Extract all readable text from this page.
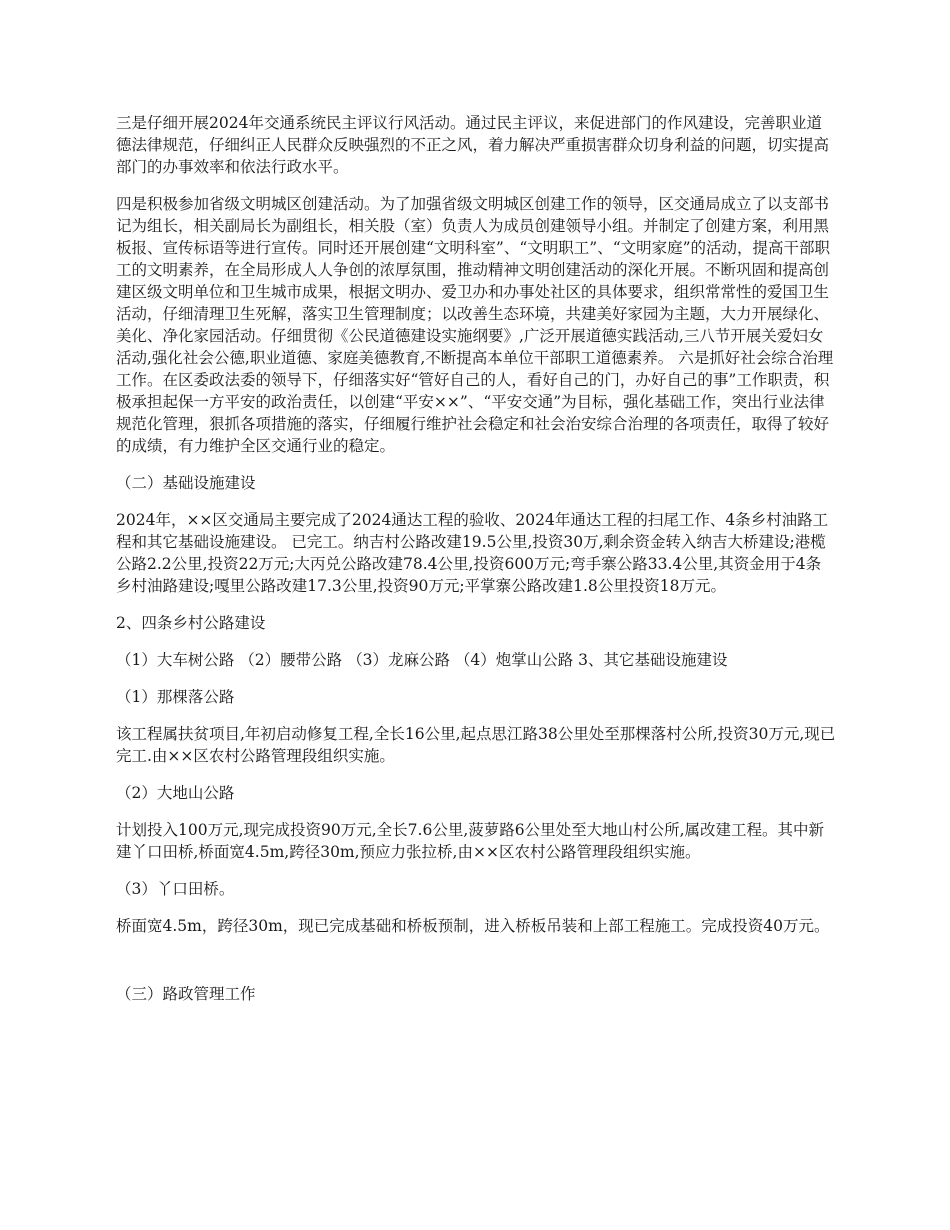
三是仔细开展2024年交通系统民主评议行风活动。通过民主评议，来促进部门的作风建设，完善职业道德法律规范，仔细纠正人民群众反映强烈的不正之风，着力解决严重损害群众切身利益的问题，切实提高部门的办事效率和依法行政水平。

四是积极参加省级文明城区创建活动。为了加强省级文明城区创建工作的领导，区交通局成立了以支部书记为组长，相关副局长为副组长，相关股（室）负责人为成员创建领导小组。并制定了创建方案，利用黑板报、宣传标语等进行宣传。同时还开展创建“文明科室”、“文明职工”、“文明家庭”的活动，提高干部职工的文明素养，在全局形成人人争创的浓厚氛围，推动精神文明创建活动的深化开展。不断巩固和提高创建区级文明单位和卫生城市成果，根据文明办、爱卫办和办事处社区的具体要求，组织常常性的爱国卫生活动，仔细清理卫生死解，落实卫生管理制度；以改善生态环境，共建美好家园为主题，大力开展绿化、美化、净化家园活动。仔细贯彻《公民道德建设实施纲要》,广泛开展道德实践活动,三八节开展关爱妇女活动,强化社会公德,职业道德、家庭美德教育,不断提高本单位干部职工道德素养。 六是抓好社会综合治理工作。在区委政法委的领导下，仔细落实好“管好自己的人，看好自己的门，办好自己的事”工作职责，积极承担起保一方平安的政治责任，以创建“平安××”、“平安交通”为目标，强化基础工作，突出行业法律规范化管理，狠抓各项措施的落实，仔细履行维护社会稳定和社会治安综合治理的各项责任，取得了较好的成绩，有力维护全区交通行业的稳定。

（二）基础设施建设

2024年，××区交通局主要完成了2024通达工程的验收、2024年通达工程的扫尾工作、4条乡村油路工程和其它基础设施建设。 已完工。纳吉村公路改建19.5公里,投资30万,剩余资金转入纳吉大桥建设;港榄公路2.2公里,投资22万元;大丙兑公路改建78.4公里,投资600万元;弯手寨公路33.4公里,其资金用于4条乡村油路建设;嘎里公路改建17.3公里,投资90万元;平掌寨公路改建1.8公里投资18万元。

2、四条乡村公路建设

（1）大车树公路 （2）腰带公路 （3）龙麻公路 （4）炮掌山公路 3、其它基础设施建设

（1）那棵落公路

该工程属扶贫项目,年初启动修复工程,全长16公里,起点思江路38公里处至那棵落村公所,投资30万元,现已完工.由××区农村公路管理段组织实施。

（2）大地山公路

计划投入100万元,现完成投资90万元,全长7.6公里,菠萝路6公里处至大地山村公所,属改建工程。其中新建丫口田桥,桥面宽4.5m,跨径30m,预应力张拉桥,由××区农村公路管理段组织实施。

（3）丫口田桥。

桥面宽4.5m，跨径30m，现已完成基础和桥板预制，进入桥板吊装和上部工程施工。完成投资40万元。

（三）路政管理工作
